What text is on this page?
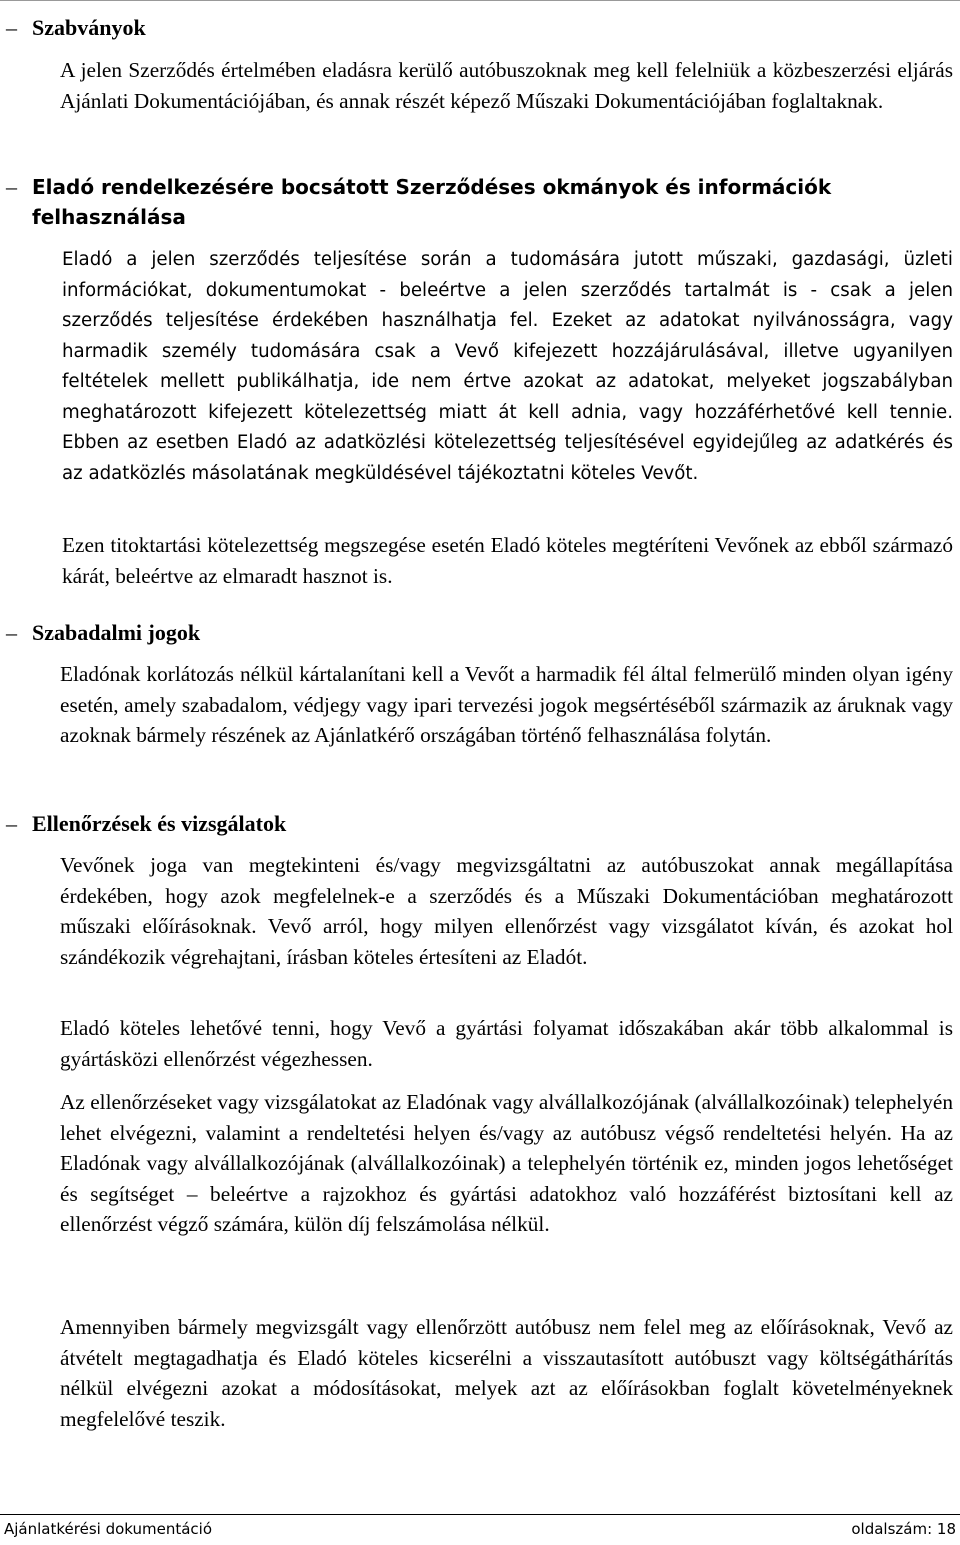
– Szabványok

A jelen Szerződés értelmében eladásra kerülő autóbuszoknak meg kell felelniük a közbeszerzési eljárás Ajánlati Dokumentációjában, és annak részét képező Műszaki Dokumentációjában foglaltaknak.

– Eladó rendelkezésére bocsátott Szerződéses okmányok és információk felhasználása

Eladó a jelen szerződés teljesítése során a tudomására jutott műszaki, gazdasági, üzleti információkat, dokumentumokat - beleértve a jelen szerződés tartalmát is - csak a jelen szerződés teljesítése érdekében használhatja fel. Ezeket az adatokat nyilvánosságra, vagy harmadik személy tudomására csak a Vevő kifejezett hozzájárulásával, illetve ugyanilyen feltételek mellett publikálhatja, ide nem értve azokat az adatokat, melyeket jogszabályban meghatározott kifejezett kötelezettség miatt át kell adnia, vagy hozzáférhetővé kell tennie. Ebben az esetben Eladó az adatközlési kötelezettség teljesítésével egyidejűleg az adatkérés és az adatközlés másolatának megküldésével tájékoztatni köteles Vevőt.

Ezen titoktartási kötelezettség megszegése esetén Eladó köteles megtéríteni Vevőnek az ebből származó kárát, beleértve az elmaradt hasznot is.

– Szabadalmi jogok

Eladónak korlátozás nélkül kártalanítani kell a Vevőt a harmadik fél által felmerülő minden olyan igény esetén, amely szabadalom, védjegy vagy ipari tervezési jogok megsértéséből származik az áruknak vagy azoknak bármely részének az Ajánlatkérő országában történő felhasználása folytán.

– Ellenőrzések és vizsgálatok

Vevőnek joga van megtekinteni és/vagy megvizsgáltatni az autóbuszokat annak megállapítása érdekében, hogy azok megfelelnek-e a szerződés és a Műszaki Dokumentációban meghatározott műszaki előírásoknak. Vevő arról, hogy milyen ellenőrzést vagy vizsgálatot kíván, és azokat hol szándékozik végrehajtani, írásban köteles értesíteni az Eladót.

Eladó köteles lehetővé tenni, hogy Vevő a gyártási folyamat időszakában akár több alkalommal is gyártásközi ellenőrzést végezhessen.

Az ellenőrzéseket vagy vizsgálatokat az Eladónak vagy alvállalkozójának (alvállalkozóinak) telephelyén lehet elvégezni, valamint a rendeltetési helyen és/vagy az autóbusz végső rendeltetési helyén. Ha az Eladónak vagy alvállalkozójának (alvállalkozóinak) a telephelyén történik ez, minden jogos lehetőséget és segítséget – beleértve a rajzokhoz és gyártási adatokhoz való hozzáférést biztosítani kell az ellenőrzést végző számára, külön díj felszámolása nélkül.

Amennyiben bármely megvizsgált vagy ellenőrzött autóbusz nem felel meg az előírásoknak, Vevő az átvételt megtagadhatja és Eladó köteles kicserélni a visszautasított autóbuszt vagy költségáthárítás nélkül elvégezni azokat a módosításokat, melyek azt az előírásokban foglalt követelményeknek megfelelővé teszik.

Ajánlatkérési dokumentáció	oldalszám: 18
